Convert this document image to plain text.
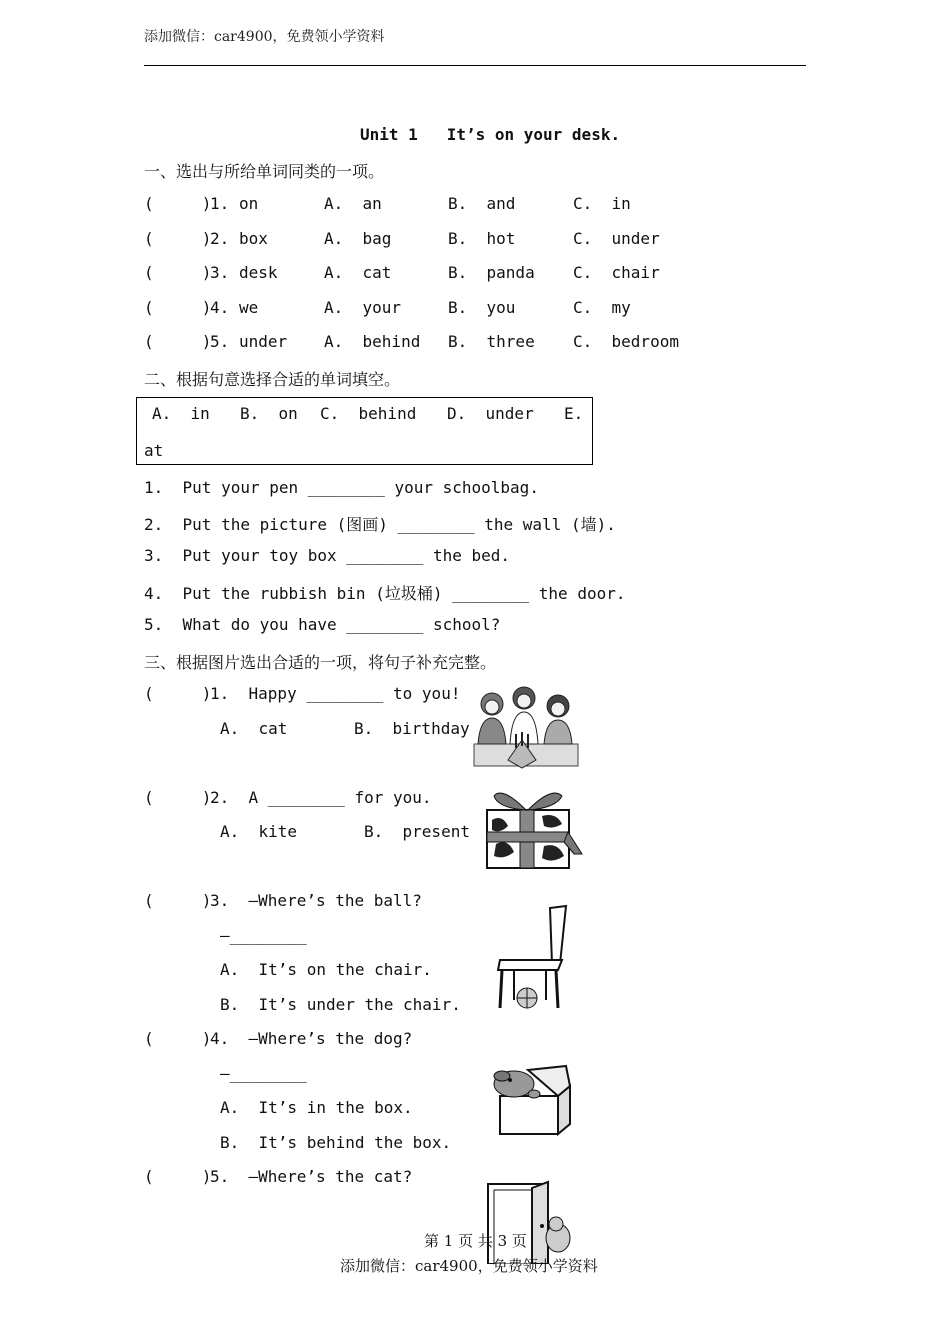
添加微信：car4900，免费领小学资料
Unit 1   It’s on your desk.
一、选出与所给单词同类的一项。
(     )
1. on	A.  an	B.  and	C.  in
(     )
2. box	A.  bag	B.  hot	C.  under
(     )
3. desk	A.  cat	B.  panda C.  chair
(     )
4. we	A.  your	B.  you	C.  my
(     )
5. under A.  behind B.  three C.  bedroom
二、根据句意选择合适的单词填空。
A.  in B.  on C.  behind D.  under E.
at
1.  Put your pen ________ your schoolbag.
2.  Put the picture (图画) ________ the wall (墙).
3.  Put your toy box ________ the bed.
4.  Put the rubbish bin (垃圾桶) ________ the door.
5.  What do you have ________ school?
三、根据图片选出合适的一项，将句子补充完整。
(     )
1.  Happy ________ to you!
A.  cat	B.  birthday
(     )
2.  A ________ for you.
A.  kite	B.  present
(     )
3.  —Where’s the ball?
—________
A.  It’s on the chair.
B.  It’s under the chair.
(     )
4.  —Where’s the dog?
—________
A.  It’s in the box.
B.  It’s behind the box.
(     )
5.  —Where’s the cat?
第 1 页 共 3 页
添加微信：car4900，免费领小学资料
